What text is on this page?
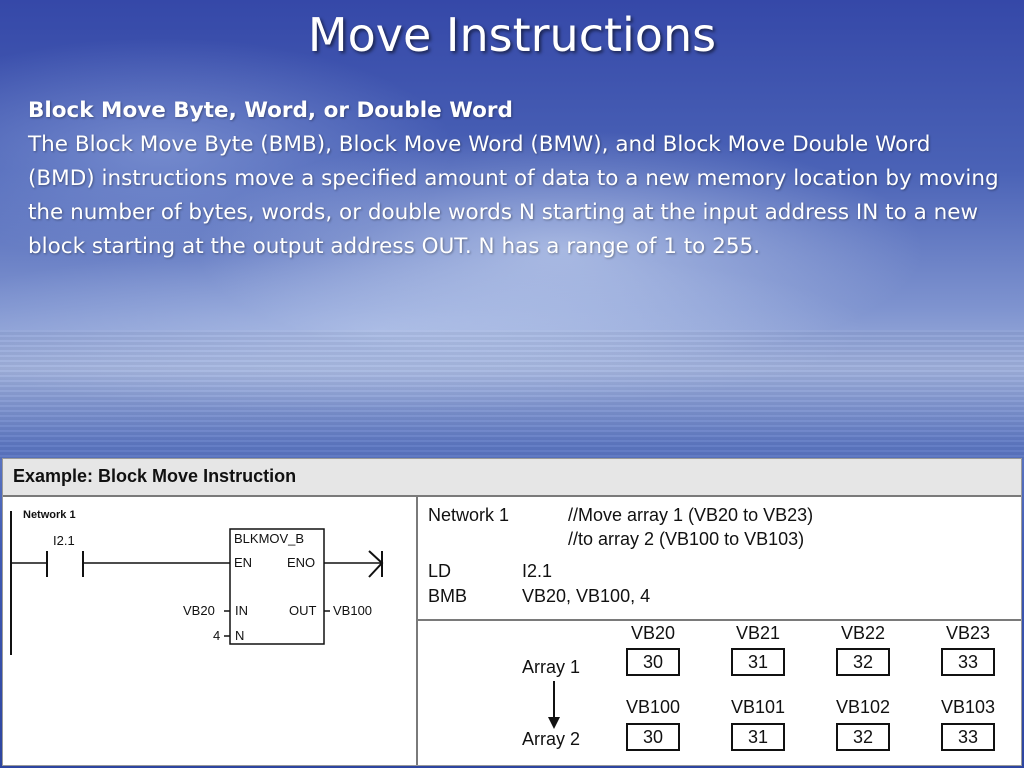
Move Instructions
Block Move Byte, Word, or Double Word
The Block Move Byte (BMB), Block Move Word (BMW), and Block Move Double Word (BMD) instructions move a specified amount of data to a new memory location by moving the number of bytes, words, or double words N starting at the input address IN to a new block starting at the output address OUT. N has a range of 1 to 255.
Example: Block Move Instruction
Network 1
I2.1	BLKMOV_B
EN	ENO
IN	OUT
N
VB20	VB100
4
Network 1	//Move array 1 (VB20 to VB23)
//to array 2 (VB100 to VB103)
LD	I2.1
BMB	VB20, VB100, 4
Array 1
Array 2
VB20	VB21	VB22	VB23
30	31	32	33
VB100	VB101	VB102	VB103
30	31	32	33
